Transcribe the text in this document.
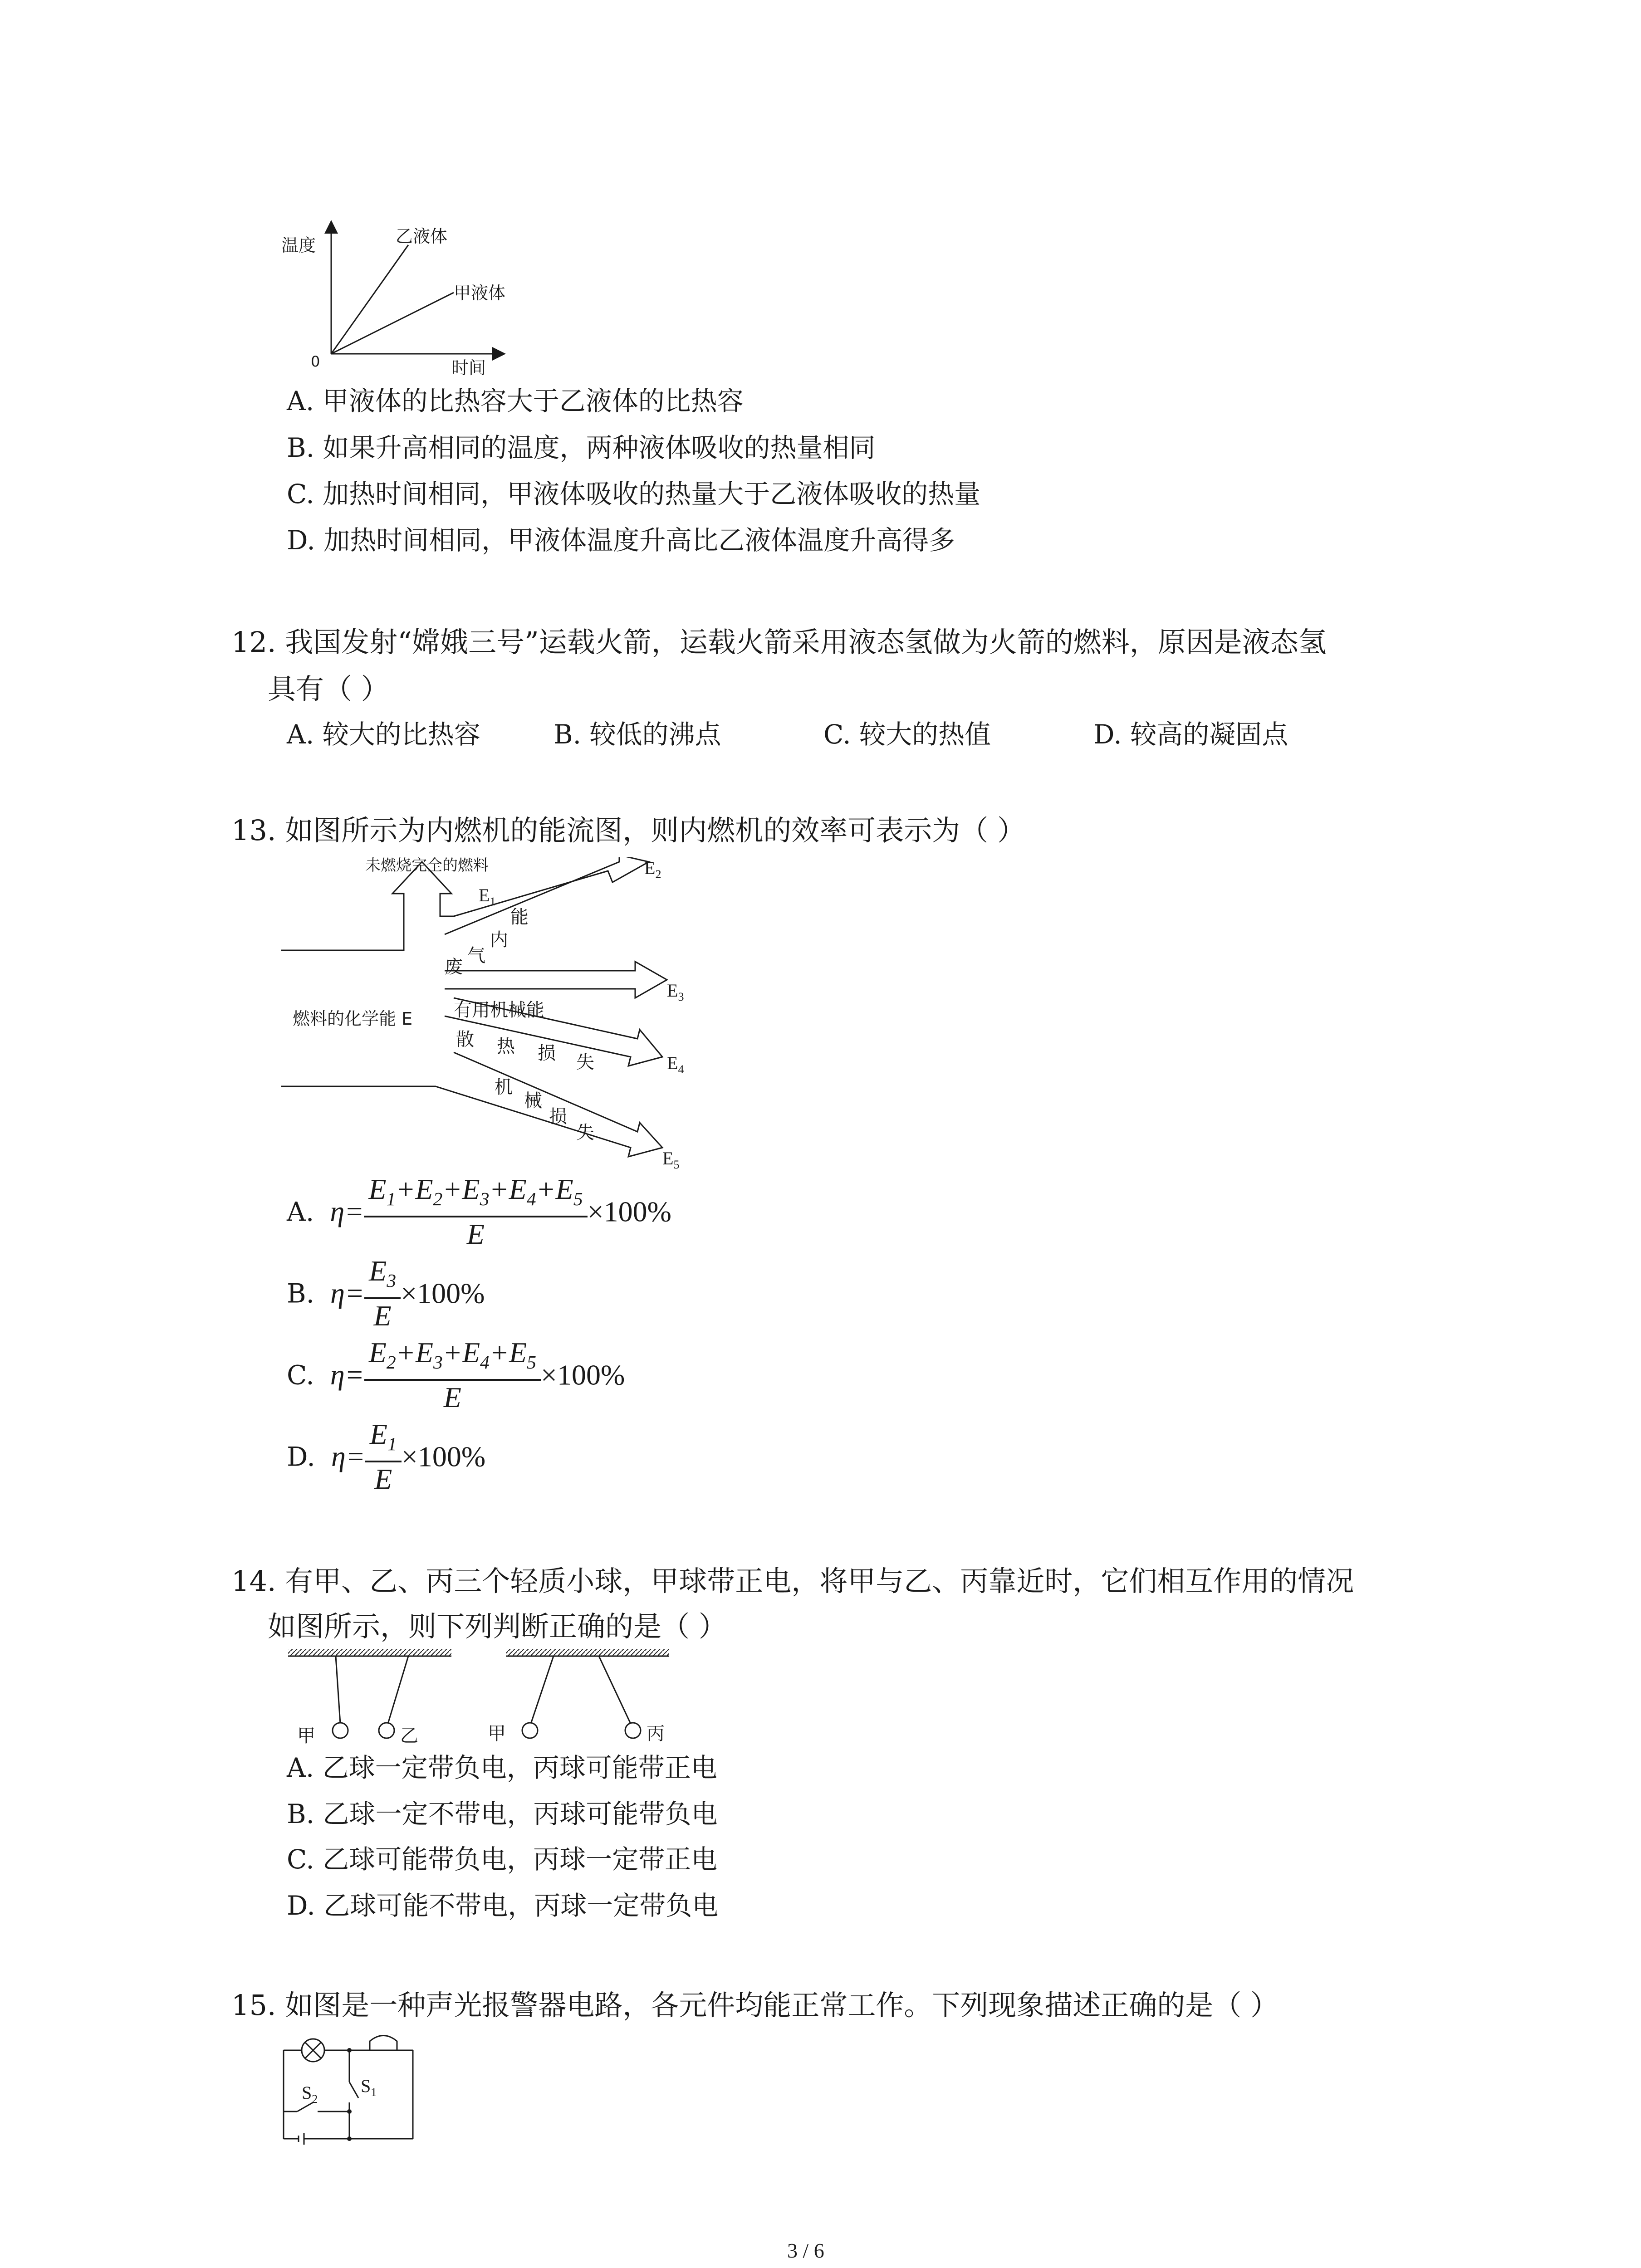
温度
0	时间
乙液体
甲液体
A. 甲液体的比热容大于乙液体的比热容
B. 如果升高相同的温度，两种液体吸收的热量相同
C. 加热时间相同，甲液体吸收的热量大于乙液体吸收的热量
D. 加热时间相同，甲液体温度升高比乙液体温度升高得多
12. 我国发射“嫦娥三号”运载火箭，运载火箭采用液态氢做为火箭的燃料，原因是液态氢
具有（ ）
A. 较大的比热容	B. 较低的沸点	C. 较大的热值	D. 较高的凝固点
13. 如图所示为内燃机的能流图，则内燃机的效率可表示为（ ）
未燃烧完全的燃料
$E_1$
$E_2$
$E_3$
$E_4$
$E_5$
能
内
气
废
燃料的化学能 E 有用机械能
散 热 损 失
机
械
损
失
A. $\eta= \frac{E_1+E_2+E_3+E_4+E_5}{E} \times 100\%$
B. $\eta= \frac{E_3}{E} \times 100\%$
C. $\eta= \frac{E_2+E_3+E_4+E_5}{E} \times 100\%$
D. $\eta= \frac{E_1}{E} \times 100\%$
14. 有甲、乙、丙三个轻质小球，甲球带正电，将甲与乙、丙靠近时，它们相互作用的情况
如图所示，则下列判断正确的是（ ）
甲	乙	甲	丙
A. 乙球一定带负电，丙球可能带正电
B. 乙球一定不带电，丙球可能带负电
C. 乙球可能带负电，丙球一定带正电
D. 乙球可能不带电，丙球一定带负电
15. 如图是一种声光报警器电路，各元件均能正常工作。下列现象描述正确的是（ ）
$S_1$
$S_2$
3 / 6
